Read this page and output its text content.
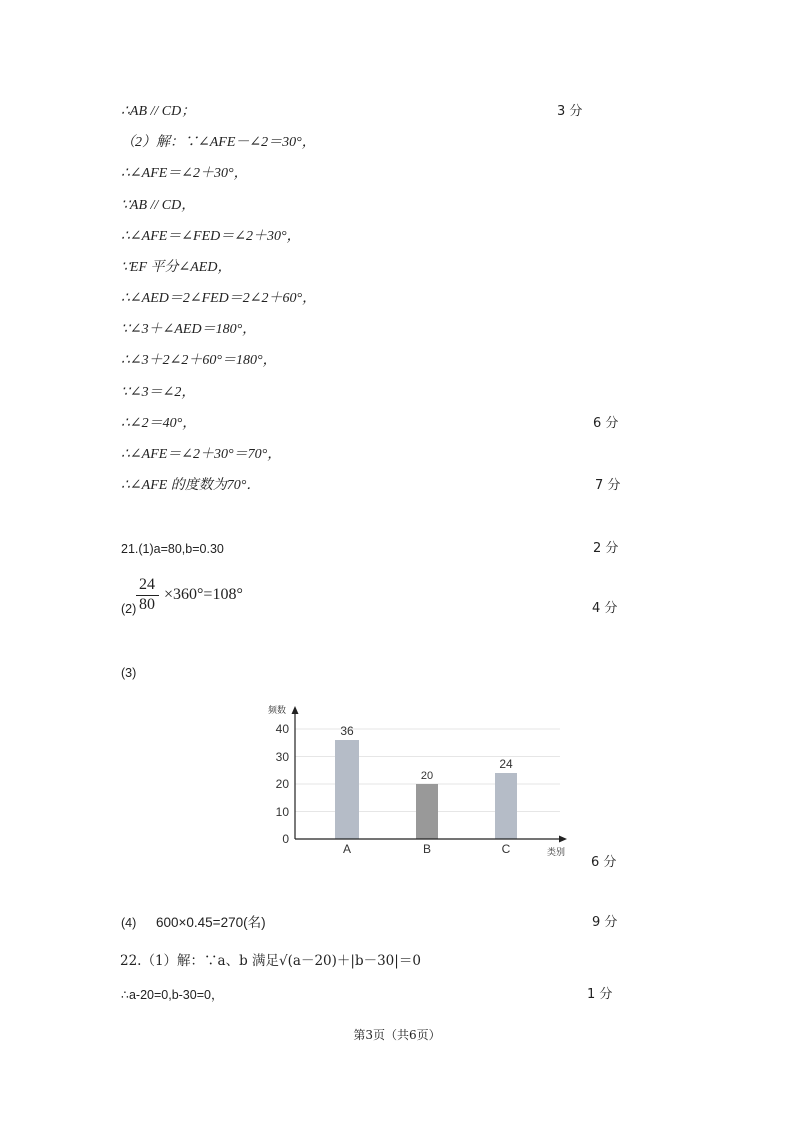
∴AB // CD；	3 分
（2）解：∵∠AFE－∠2＝30°，
∴∠AFE＝∠2＋30°，
∵AB // CD，
∴∠AFE＝∠FED＝∠2＋30°，
∵EF 平分∠AED，
∴∠AED＝2∠FED＝2∠2＋60°，
∵∠3＋∠AED＝180°，
∴∠3＋2∠2＋60°＝180°，
∵∠3＝∠2，
∴∠2＝40°，	6 分
∴∠AFE＝∠2＋30°＝70°，
∴∠AFE 的度数为70°．	7 分
21.(1)a=80,b=0.30	2 分
24
80
×360°=108°
(2)	4 分
(3)
36
20
24
40
30
20
10
0
A	B	C
频数
类别
6 分
(4) 600×0.45=270(名)	9 分
22.（1）解：∵a、b 满足√(a－20)＋|b－30|＝0
∴a-20=0,b-30=0，	1 分
第3页（共6页）
